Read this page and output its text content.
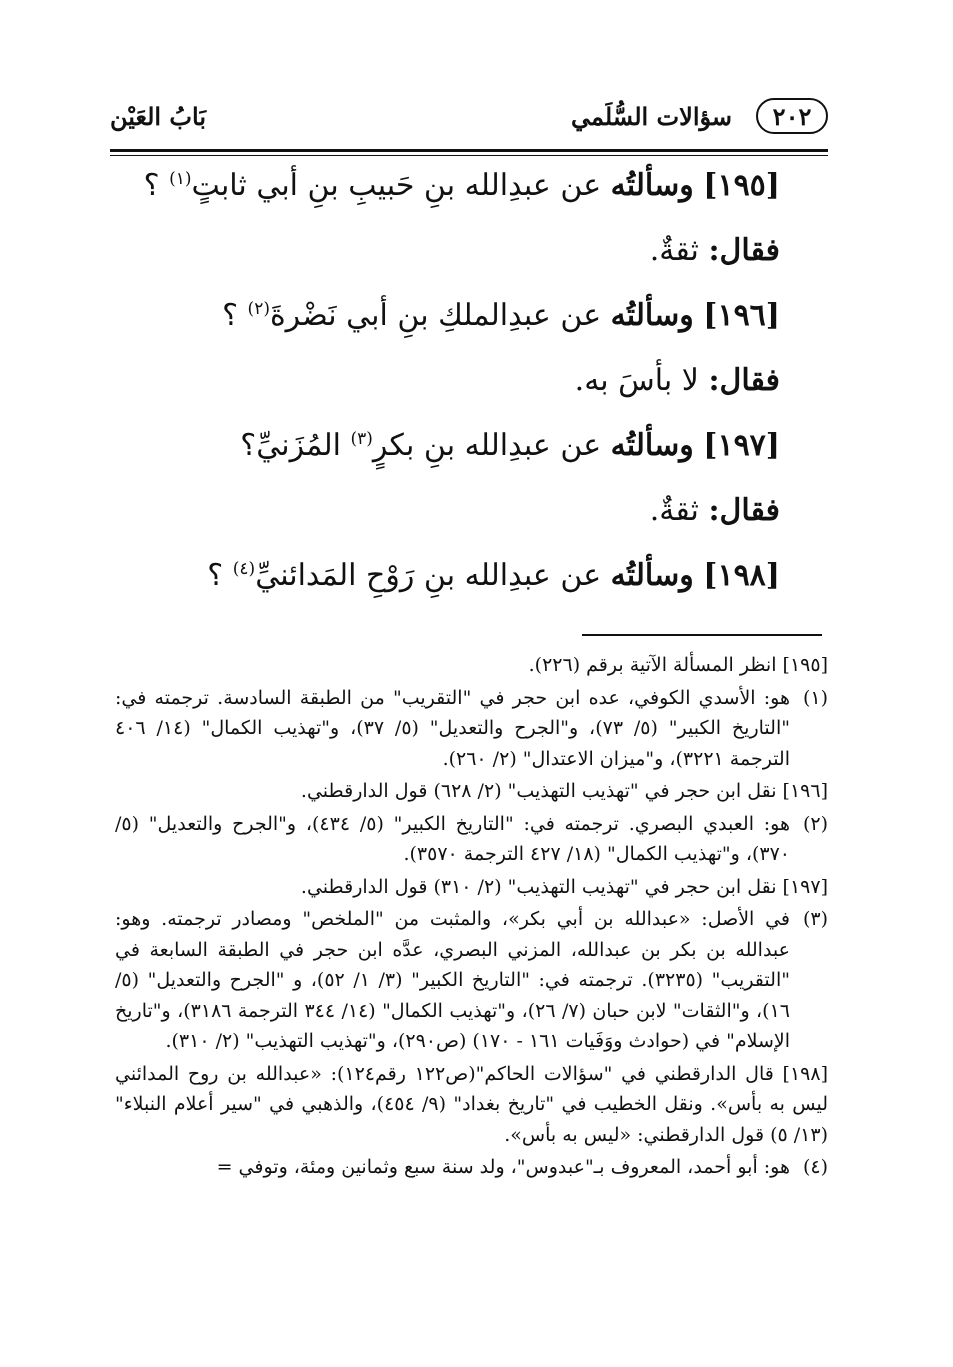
٢٠٢
سؤالات السُّلَمي
بَابُ العَيْن
[١٩٥] وسألتُه عن عبدِالله بنِ حَبيبِ بنِ أبي ثابتٍ$^{(١)}$ ؟
فقال: ثقةٌ.
[١٩٦] وسألتُه عن عبدِالملكِ بنِ أبي نَضْرةَ$^{(٢)}$ ؟
فقال: لا بأسَ به.
[١٩٧] وسألتُه عن عبدِالله بنِ بكرٍ$^{(٣)}$ المُزَنيِّ؟
فقال: ثقةٌ.
[١٩٨] وسألتُه عن عبدِالله بنِ رَوْحِ المَدائنيِّ$^{(٤)}$ ؟
[١٩٥] انظر المسألة الآتية برقم (٢٢٦).
(١)
هو: الأسدي الكوفي، عده ابن حجر في "التقريب" من الطبقة السادسة. ترجمته في: "التاريخ الكبير" (٥/ ٧٣)، و"الجرح والتعديل" (٥/ ٣٧)، و"تهذيب الكمال" (١٤/ ٤٠٦ الترجمة ٣٢٢١)، و"ميزان الاعتدال" (٢/ ٢٦٠).
[١٩٦] نقل ابن حجر في "تهذيب التهذيب" (٢/ ٦٢٨) قول الدارقطني.
(٢)
هو: العبدي البصري. ترجمته في: "التاريخ الكبير" (٥/ ٤٣٤)، و"الجرح والتعديل" (٥/ ٣٧٠)، و"تهذيب الكمال" (١٨/ ٤٢٧ الترجمة ٣٥٧٠).
[١٩٧] نقل ابن حجر في "تهذيب التهذيب" (٢/ ٣١٠) قول الدارقطني.
(٣)
في الأصل: «عبدالله بن أبي بكر»، والمثبت من "الملخص" ومصادر ترجمته. وهو: عبدالله بن بكر بن عبدالله، المزني البصري، عدَّه ابن حجر في الطبقة السابعة في "التقريب" (٣٢٣٥). ترجمته في: "التاريخ الكبير" (٣/ ١/ ٥٢)، و "الجرح والتعديل" (٥/ ١٦)، و"الثقات" لابن حبان (٧/ ٢٦)، و"تهذيب الكمال" (١٤/ ٣٤٤ الترجمة ٣١٨٦)، و"تاريخ الإسلام" في (حوادث ووَفَيات ١٦١ - ١٧٠) (ص٢٩٠)، و"تهذيب التهذيب" (٢/ ٣١٠).
[١٩٨] قال الدارقطني في "سؤالات الحاكم"(ص١٢٢ رقم١٢٤): «عبدالله بن روح المدائني ليس به بأس». ونقل الخطيب في "تاريخ بغداد" (٩/ ٤٥٤)، والذهبي في "سير أعلام النبلاء" (١٣/ ٥) قول الدارقطني: «ليس به بأس».
(٤)
هو: أبو أحمد، المعروف بـ"عبدوس"، ولد سنة سبع وثمانين ومئة، وتوفي =
